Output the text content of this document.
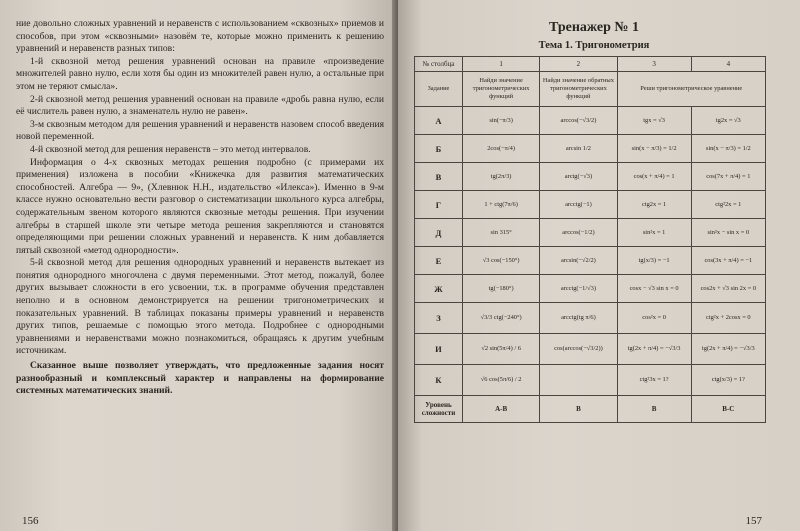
ние довольно сложных уравнений и неравенств с использованием «сквозных» приемов и способов, при этом «сквозными» назовём те, которые можно применить к решению уравнений и неравенств разных типов:

1-й сквозной метод решения уравнений основан на правиле «произведение множителей равно нулю, если хотя бы один из множителей равен нулю, а остальные при этом не теряют смысла».

2-й сквозной метод решения уравнений основан на правиле «дробь равна нулю, если её числитель равен нулю, а знаменатель нулю не равен».

3-м сквозным методом для решения уравнений и неравенств назовем способ введения новой переменной.

4-й сквозной метод для решения неравенств – это метод интервалов.

Информация о 4-х сквозных методах решения подробно (с примерами их применения) изложена в пособии «Книжечка для развития математических способностей. Алгебра — 9», (Хлевнюк Н.Н., издательство «Илекса»). Именно в 9-м классе нужно основательно вести разговор о систематизации школьного курса алгебры, содержательным звеном которого являются сквозные методы решения. При изучении алгебры в старшей школе эти четыре метода решения закрепляются и становятся определяющими при решении сложных уравнений и неравенств. К ним добавляется пятый сквозной «метод однородности».

5-й сквозной метод для решения однородных уравнений и неравенств вытекает из понятия однородного многочлена с двумя переменными. Этот метод, пожалуй, более других вызывает сложности в его усвоении, т.к. в программе обучения представлен неполно и в основном демонстрируется на решении тригонометрических и показательных уравнений. В таблицах показаны примеры уравнений и неравенств других типов, решаемые с помощью этого метода. Подробнее с однородными уравнениями и неравенствами можно познакомиться, обращаясь к другим учебным источникам.

Сказанное выше позволяет утверждать, что предложенные задания носят разнообразный и комплексный характер и направлены на формирование системных математических знаний.

156
Тренажер № 1
Тема 1. Тригонометрия
№ столбца	1	2	3	4
Задание	Найди значение тригонометрических функций	Найди значение обратных тригонометрических функций	Реши тригонометрическое уравнение	
А	sin(−π/3)	arccos(−√3/2)	tgx = √3	tg2x = √3
Б	2cos(−π/4)	arcsin 1/2	sin(x − π/3) = 1/2	sin(x − π/3) = 1/2
В	tg(2π/3)	arctg(−√3)	cos(x + π/4) = 1	cos(7x + π/4) = 1
Г	1 + ctg(7π/6)	arcctg(−1)	ctg2x = 1	ctg²2x = 1
Д	sin 315°	arccos(−1/2)	sin²x = 1	sin²x − sin x = 0
Е	√3 cos(−150°)	arcsin(−√2/2)	tg(x/3) = −1	cos(3x + π/4) = −1
Ж	tg(−180°)	arcctg(−1/√3)	cosx − √3 sin x = 0	cos2x + √3 sin 2x = 0
З	√3/3 ctg(−240°)	arcctg(tg π/6)	cos²x = 0	ctg²x + 2cosx = 0
И	√2 sin(5π/4) / 6	cos(arccos(−√3/2))	tg(2x + π/4) = −√3/3	tg(2x + π/4) = −√3/3
К	√6 cos(5π/6) / 2		ctg²3x = 1?	ctg(x/3) = 1?
Уровень сложности	А-В	В	В	В-С
157
